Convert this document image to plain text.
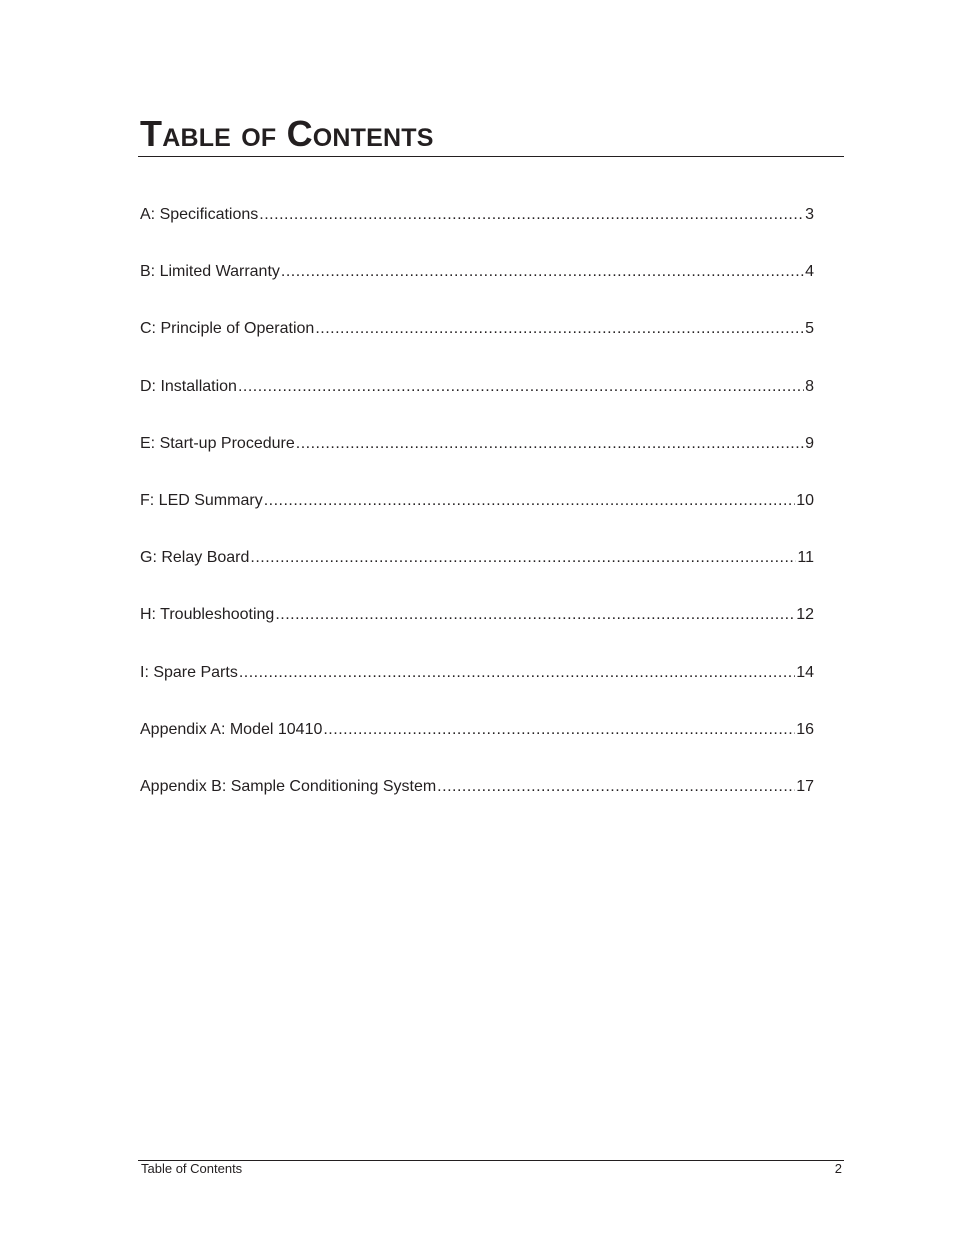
Table of Contents
A: Specifications .....	3
B: Limited Warranty .....	4
C: Principle of Operation .....	5
D: Installation .....	8
E: Start-up Procedure .....	9
F: LED Summary .....	10
G: Relay Board .....	11
H: Troubleshooting .....	12
I: Spare Parts .....	14
Appendix A: Model 10410 .....	16
Appendix B: Sample Conditioning System .....	17
Table of Contents	2
